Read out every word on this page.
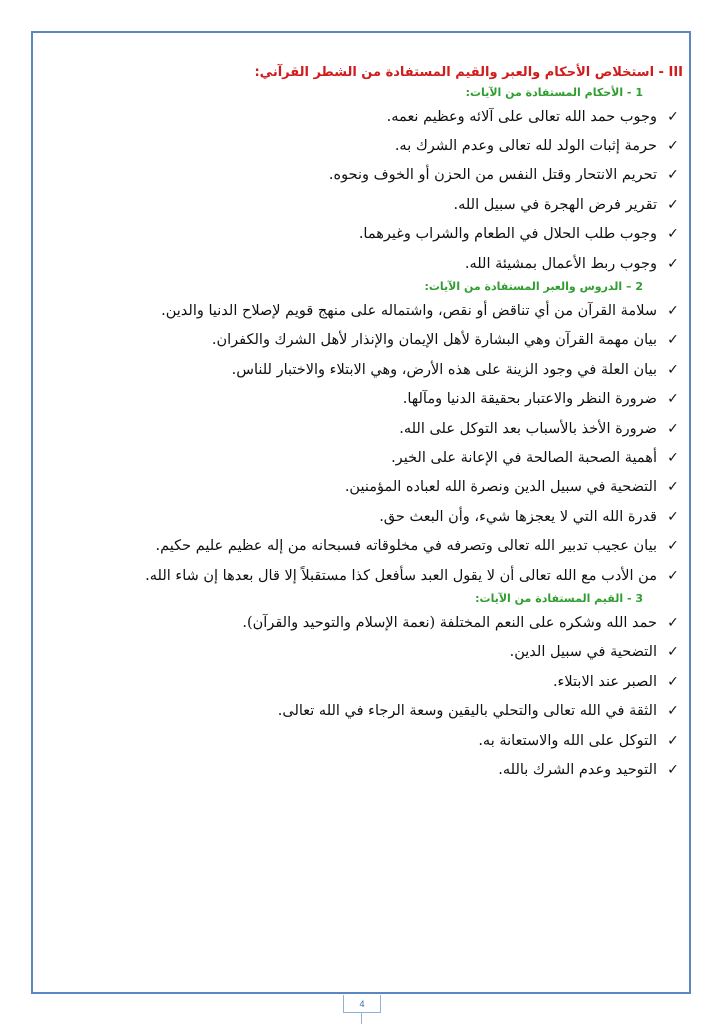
III - استخلاص الأحكام والعبر والقيم المستفادة من الشطر القرآني:

1 - الأحكام المستفادة من الآيات:

✓
وجوب حمد الله تعالى على آلائه وعظيم نعمه.
✓
حرمة إثبات الولد لله تعالى وعدم الشرك به.
✓
تحريم الانتحار وقتل النفس من الحزن أو الخوف ونحوه.
✓
تقرير فرض الهجرة في سبيل الله.
✓
وجوب طلب الحلال في الطعام والشراب وغيرهما.
✓
وجوب ربط الأعمال بمشيئة الله.

2 – الدروس والعبر المستفادة من الآيات:

✓
سلامة القرآن من أي تناقض أو نقص، واشتماله على منهج قويم لإصلاح الدنيا والدين.
✓
بيان مهمة القرآن وهي البشارة لأهل الإيمان والإنذار لأهل الشرك والكفران.
✓
بيان العلة في وجود الزينة على هذه الأرض، وهي الابتلاء والاختبار للناس.
✓
ضرورة النظر والاعتبار بحقيقة الدنيا ومآلها.
✓
ضرورة الأخذ بالأسباب بعد التوكل على الله.
✓
أهمية الصحبة الصالحة في الإعانة على الخير.
✓
التضحية في سبيل الدين ونصرة الله لعباده المؤمنين.
✓
قدرة الله التي لا يعجزها شيء، وأن البعث حق.
✓
بيان عجيب تدبير الله تعالى وتصرفه في مخلوقاته فسبحانه من إله عظيم عليم حكيم.
✓
من الأدب مع الله تعالى أن لا يقول العبد سأفعل كذا مستقبلاً إلا قال بعدها إن شاء الله.

3 - القيم المستفادة من الآيات:

✓
حمد الله وشكره على النعم المختلفة (نعمة الإسلام والتوحيد والقرآن).
✓
التضحية في سبيل الدين.
✓
الصبر عند الابتلاء.
✓
الثقة في الله تعالى والتحلي باليقين وسعة الرجاء في الله تعالى.
✓
التوكل على الله والاستعانة به.
✓
التوحيد وعدم الشرك بالله.
4
